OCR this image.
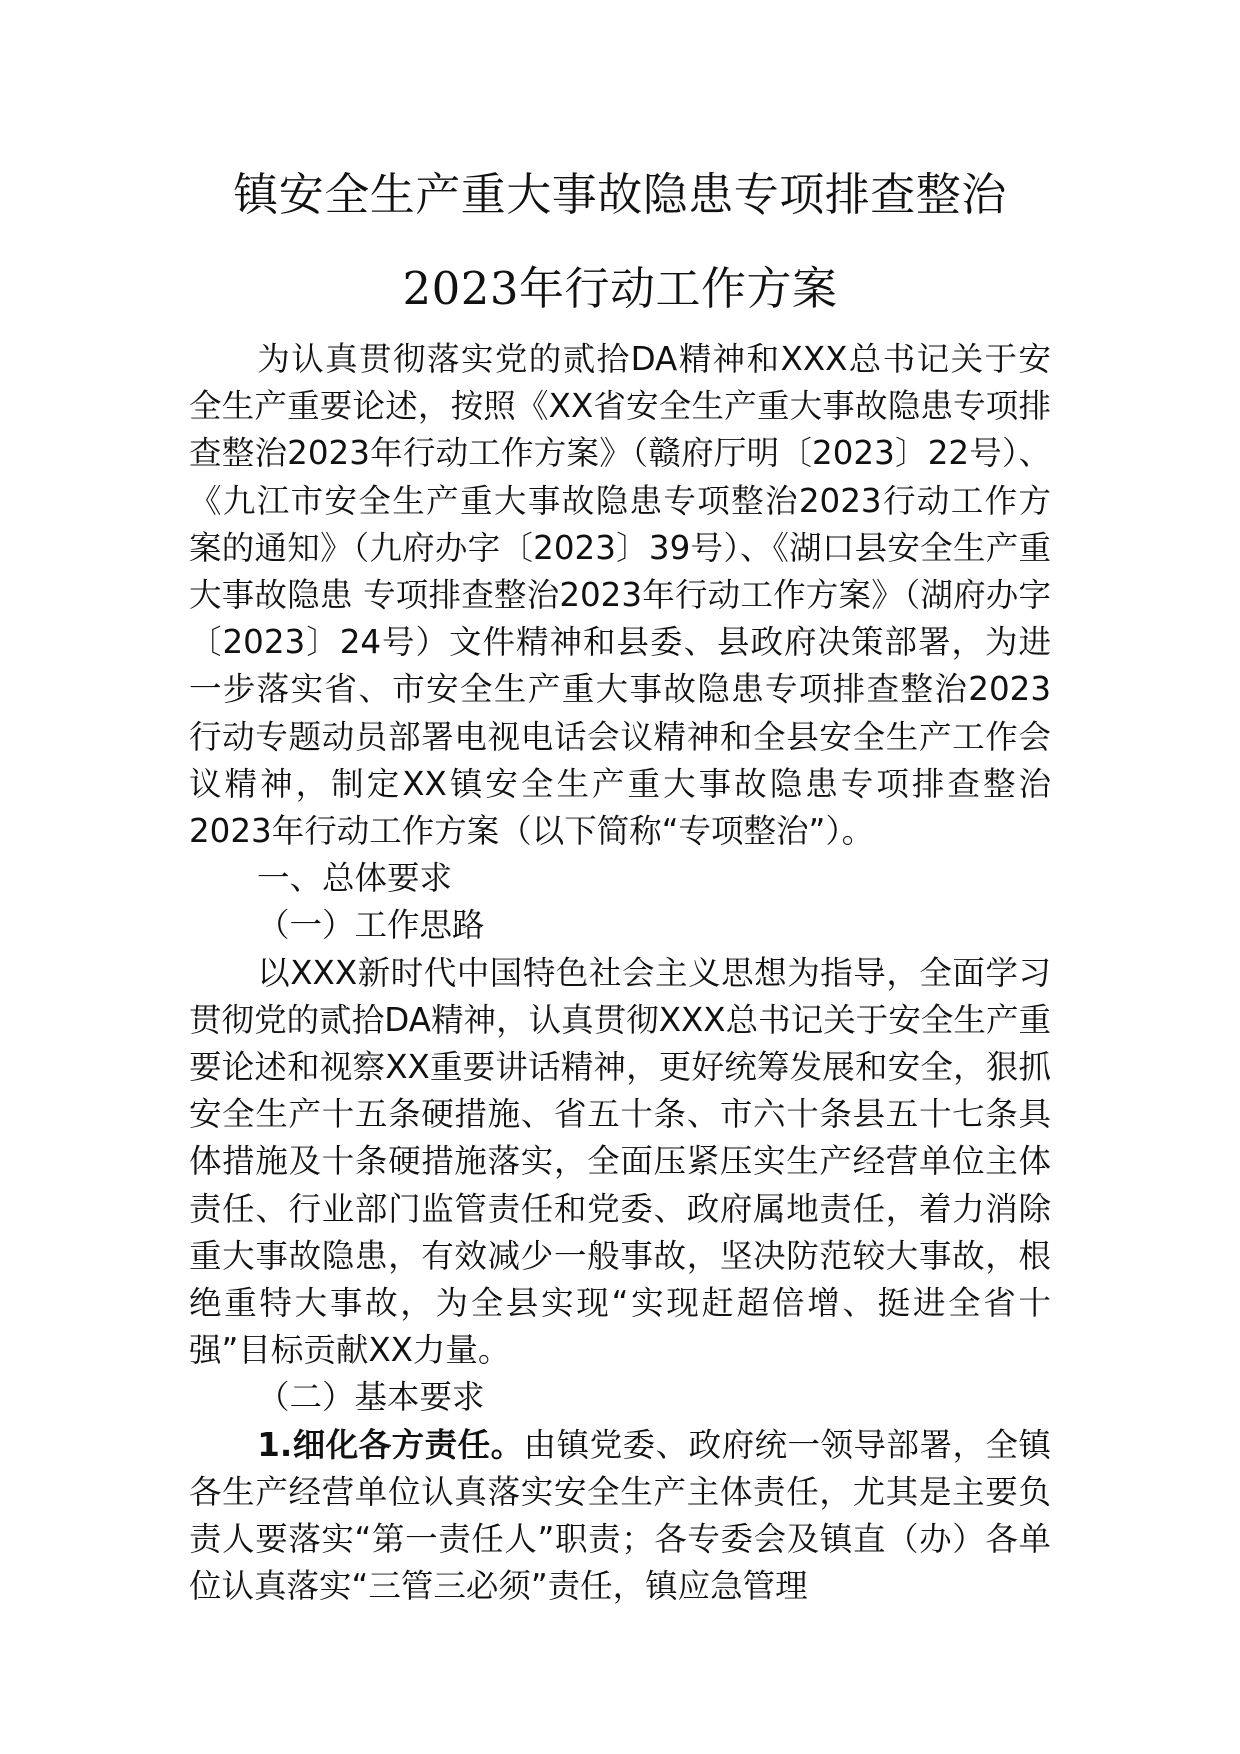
镇安全生产重大事故隐患专项排查整治
2023年行动工作方案

为认真贯彻落实党的贰拾DA精神和XXX总书记关于安全生产重要论述，按照《XX省安全生产重大事故隐患专项排查整治2023年行动工作方案》（赣府厅明〔2023〕22号）、《九江市安全生产重大事故隐患专项整治2023行动工作方案的通知》（九府办字〔2023〕39号）、《湖口县安全生产重大事故隐患 专项排查整治2023年行动工作方案》（湖府办字〔2023〕24号）文件精神和县委、县政府决策部署，为进一步落实省、市安全生产重大事故隐患专项排查整治2023行动专题动员部署电视电话会议精神和全县安全生产工作会议精神，制定XX镇安全生产重大事故隐患专项排查整治2023年行动工作方案（以下简称“专项整治”）。

一、总体要求

（一）工作思路

以XXX新时代中国特色社会主义思想为指导，全面学习贯彻党的贰拾DA精神，认真贯彻XXX总书记关于安全生产重要论述和视察XX重要讲话精神，更好统筹发展和安全，狠抓安全生产十五条硬措施、省五十条、市六十条县五十七条具体措施及十条硬措施落实，全面压紧压实生产经营单位主体责任、行业部门监管责任和党委、政府属地责任，着力消除重大事故隐患，有效减少一般事故，坚决防范较大事故，根绝重特大事故，为全县实现“实现赶超倍增、挺进全省十强”目标贡献XX力量。

（二）基本要求

1.细化各方责任。由镇党委、政府统一领导部署，全镇各生产经营单位认真落实安全生产主体责任，尤其是主要负责人要落实“第一责任人”职责；各专委会及镇直（办）各单位认真落实“三管三必须”责任，镇应急管理
